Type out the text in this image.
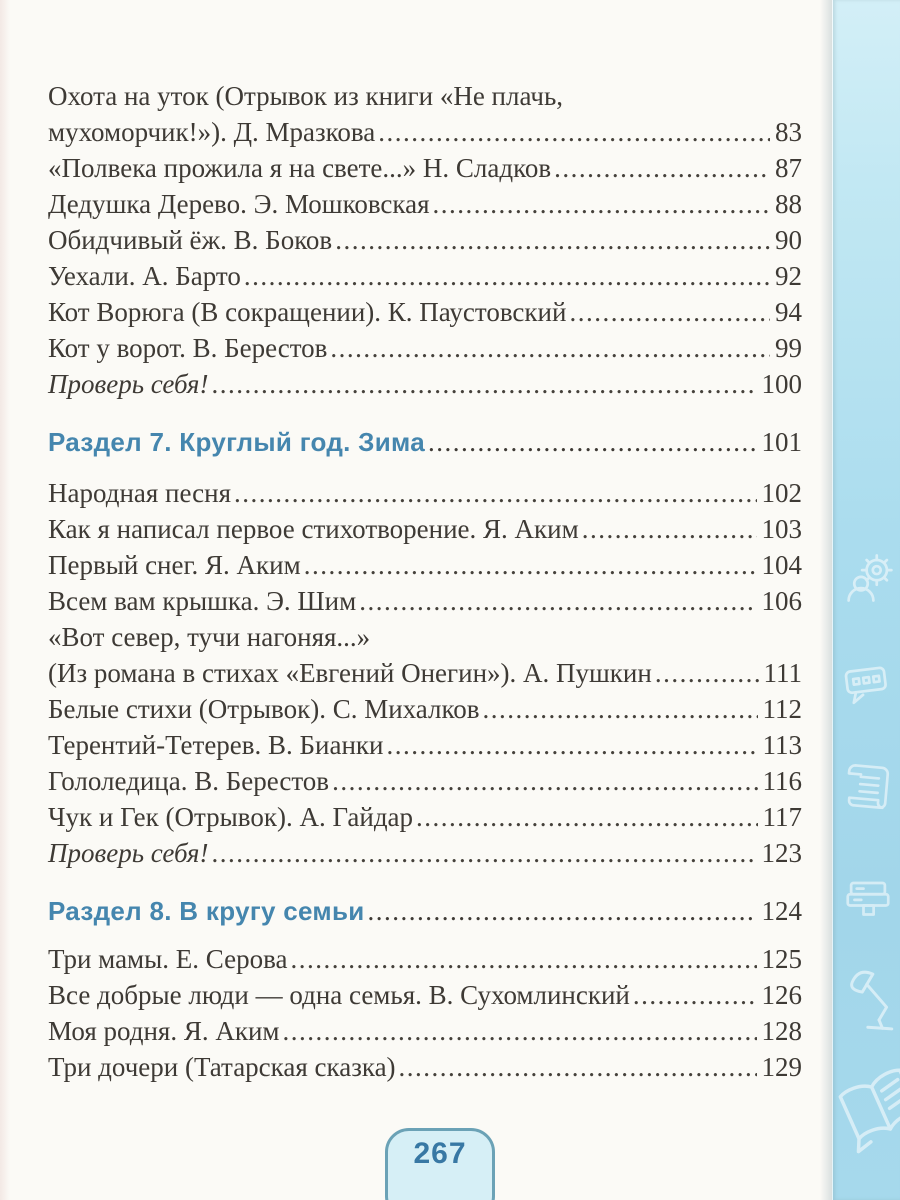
Охота на уток (Отрывок из книги «Не плачь,
мухоморчик!»). Д. Мразкова .....	83
«Полвека прожила я на свете...» Н. Сладков .....	87
Дедушка Дерево. Э. Мошковская .....	88
Обидчивый ёж. В. Боков .....	90
Уехали. А. Барто .....	92
Кот Ворюга (В сокращении). К. Паустовский .....	94
Кот у ворот. В. Берестов .....	99
Проверь себя! .....	100
Раздел 7. Круглый год. Зима .....	101
Народная песня .....	102
Как я написал первое стихотворение. Я. Аким .....	103
Первый снег. Я. Аким .....	104
Всем вам крышка. Э. Шим .....	106
«Вот север, тучи нагоняя...»
(Из романа в стихах «Евгений Онегин»). А. Пушкин .....	111
Белые стихи (Отрывок). С. Михалков .....	112
Терентий-Тетерев. В. Бианки .....	113
Гололедица. В. Берестов .....	116
Чук и Гек (Отрывок). А. Гайдар .....	117
Проверь себя! .....	123
Раздел 8. В кругу семьи .....	124
Три мамы. Е. Серова .....	125
Все добрые люди — одна семья. В. Сухомлинский .....	126
Моя родня. Я. Аким .....	128
Три дочери (Татарская сказка) .....	129
267
